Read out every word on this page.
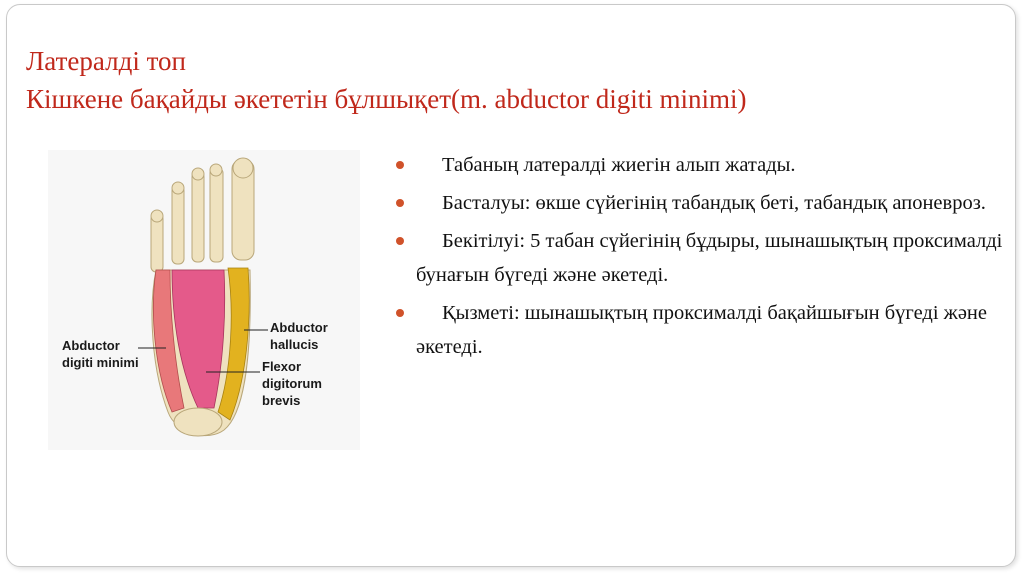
Латералді топ
Кішкене бақайды әкететін бұлшықет(m. abductor digiti minimi)
Abductor
digiti minimi
Abductor
hallucis
Flexor
digitorum
brevis
Табаның латералді жиегін алып жатады.
Басталуы: өкше сүйегінің табандық беті, табандық апоневроз.
Бекітілуі: 5 табан сүйегінің бұдыры, шынашықтың проксималді бунағын бүгеді және әкетеді.
Қызметі: шынашықтың проксималді бақайшығын бүгеді және әкетеді.
